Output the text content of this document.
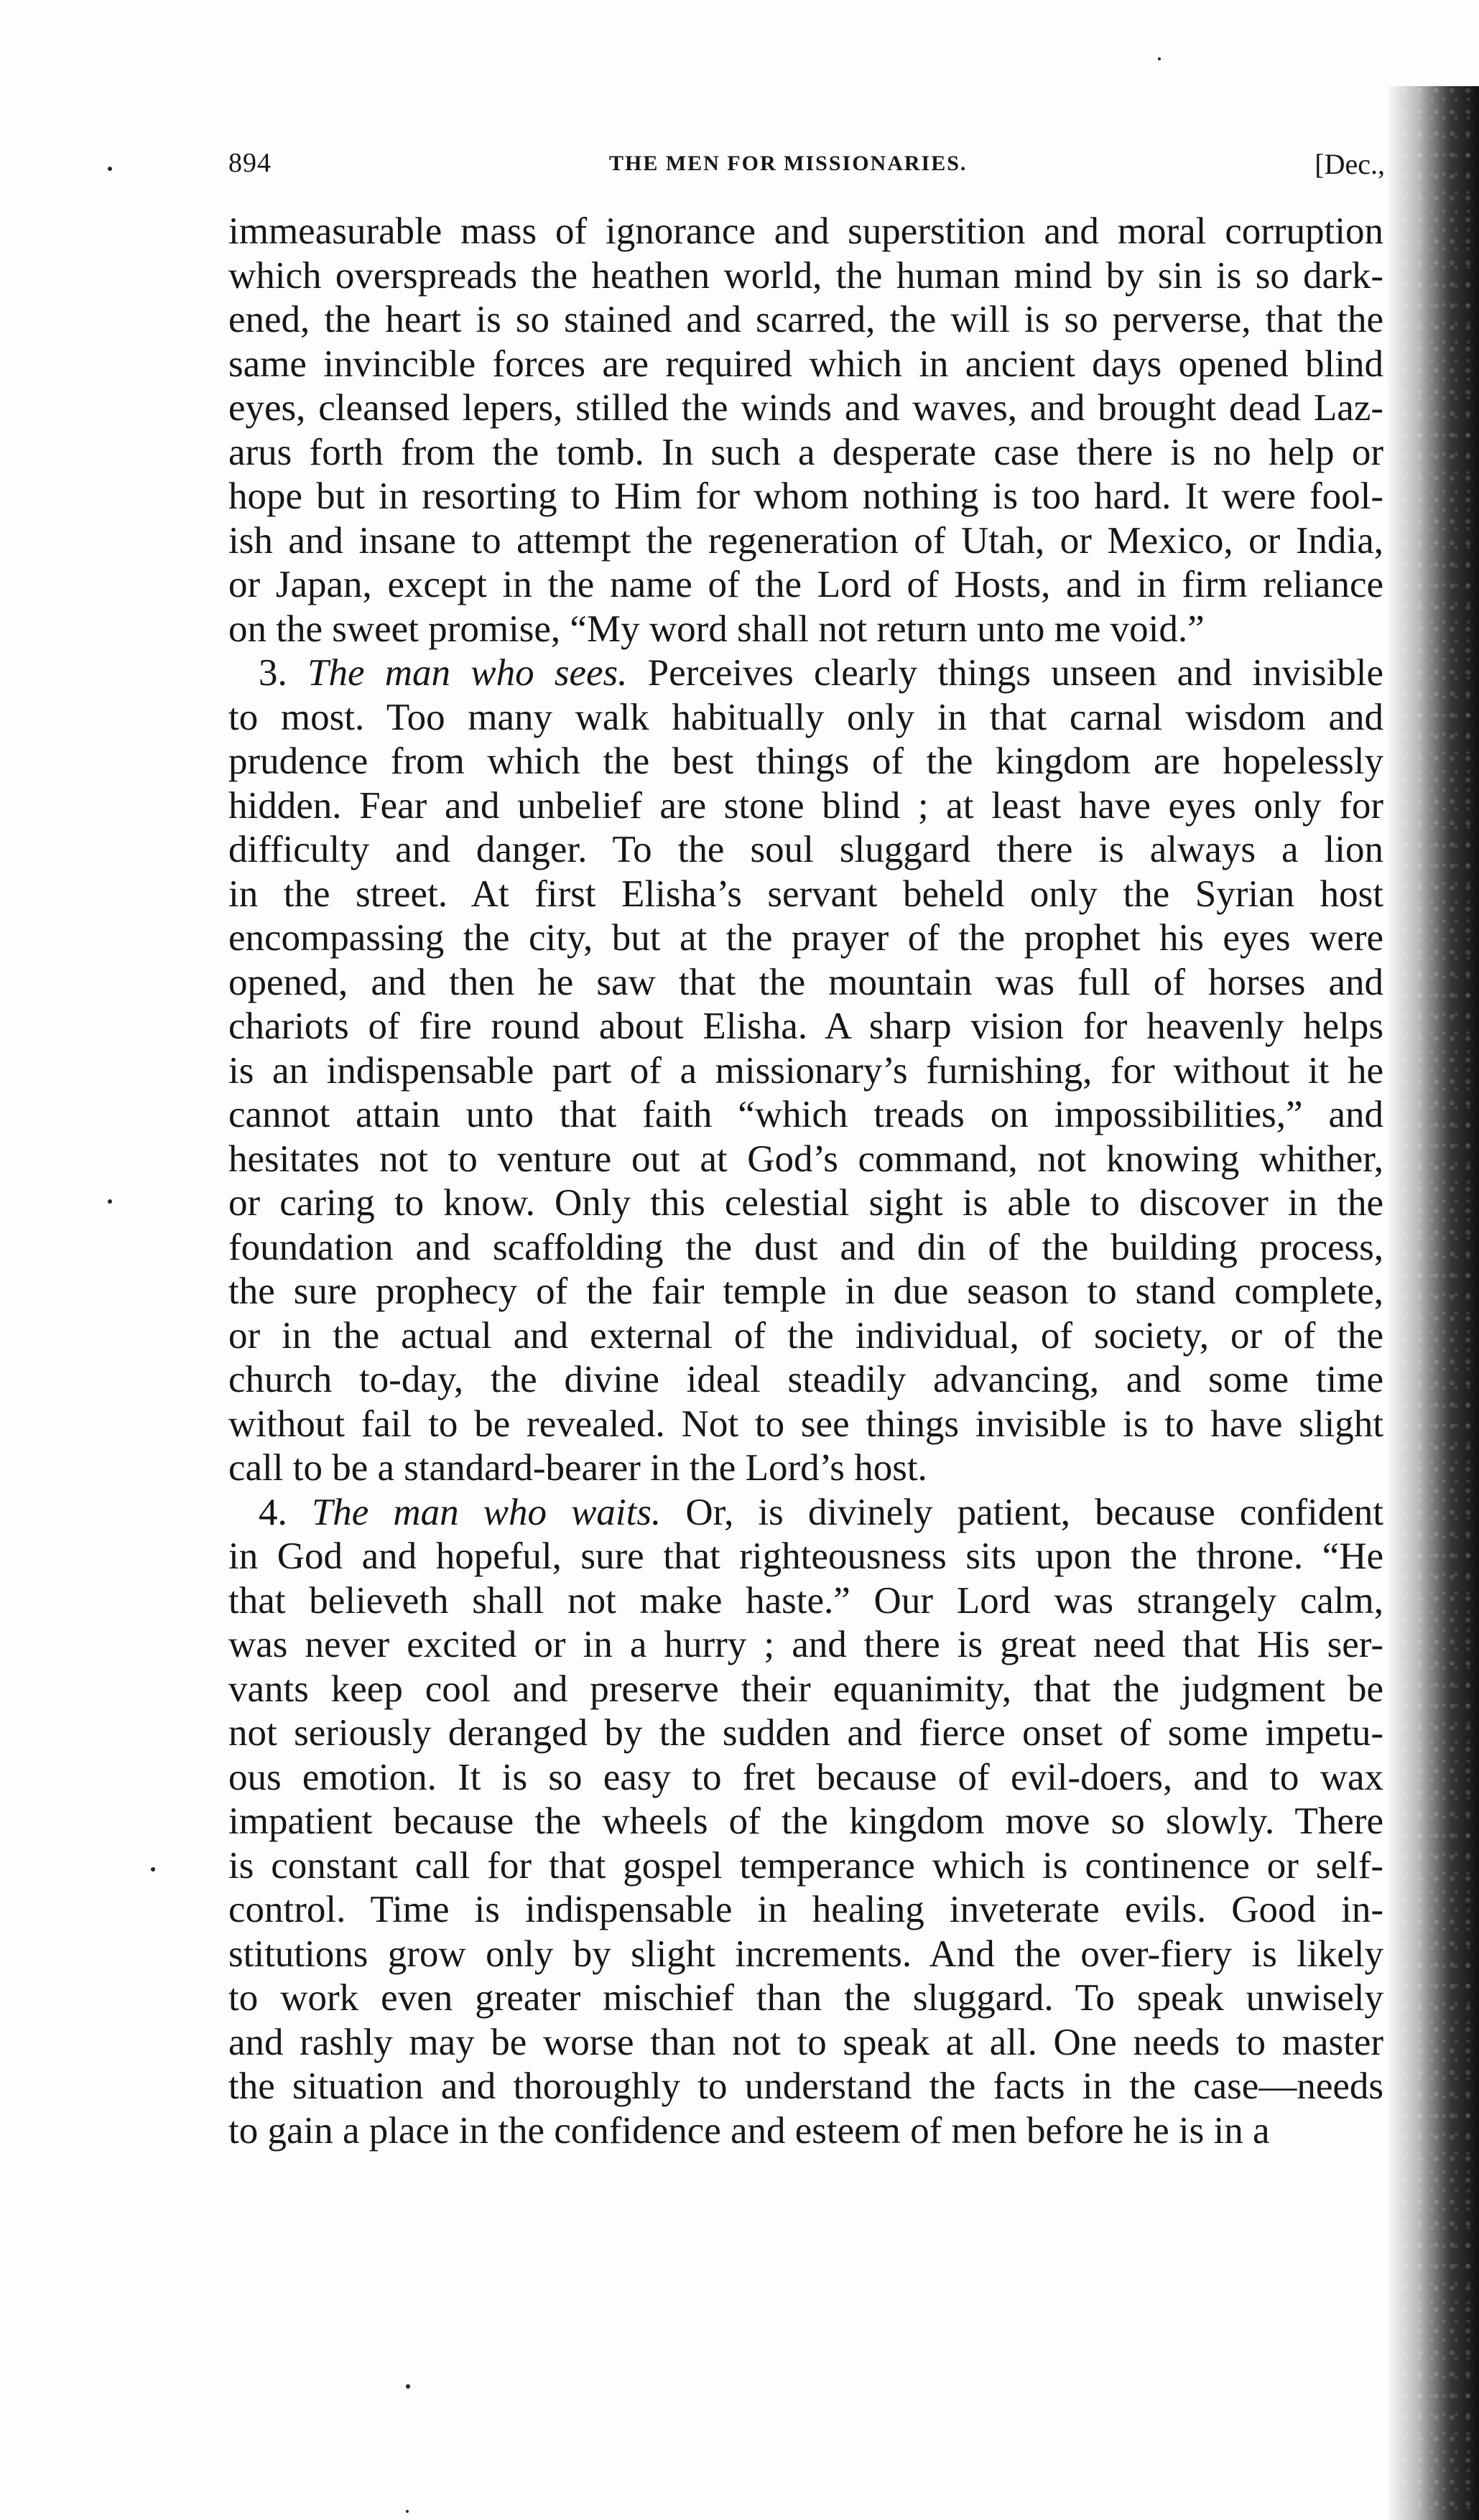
894	THE MEN FOR MISSIONARIES.	[Dec.,
immeasurable mass of ignorance and superstition and moral corruption
which overspreads the heathen world, the human mind by sin is so dark-
ened, the heart is so stained and scarred, the will is so perverse, that the
same invincible forces are required which in ancient days opened blind
eyes, cleansed lepers, stilled the winds and waves, and brought dead Laz-
arus forth from the tomb. In such a desperate case there is no help or
hope but in resorting to Him for whom nothing is too hard. It were fool-
ish and insane to attempt the regeneration of Utah, or Mexico, or India,
or Japan, except in the name of the Lord of Hosts, and in firm reliance
on the sweet promise, “My word shall not return unto me void.”
3. The man who sees. Perceives clearly things unseen and invisible
to most. Too many walk habitually only in that carnal wisdom and
prudence from which the best things of the kingdom are hopelessly
hidden. Fear and unbelief are stone blind ; at least have eyes only for
difficulty and danger. To the soul sluggard there is always a lion
in the street. At first Elisha’s servant beheld only the Syrian host
encompassing the city, but at the prayer of the prophet his eyes were
opened, and then he saw that the mountain was full of horses and
chariots of fire round about Elisha. A sharp vision for heavenly helps
is an indispensable part of a missionary’s furnishing, for without it he
cannot attain unto that faith “which treads on impossibilities,” and
hesitates not to venture out at God’s command, not knowing whither,
or caring to know. Only this celestial sight is able to discover in the
foundation and scaffolding the dust and din of the building process,
the sure prophecy of the fair temple in due season to stand complete,
or in the actual and external of the individual, of society, or of the
church to-day, the divine ideal steadily advancing, and some time
without fail to be revealed. Not to see things invisible is to have slight
call to be a standard-bearer in the Lord’s host.
4. The man who waits. Or, is divinely patient, because confident
in God and hopeful, sure that righteousness sits upon the throne. “He
that believeth shall not make haste.” Our Lord was strangely calm,
was never excited or in a hurry ; and there is great need that His ser-
vants keep cool and preserve their equanimity, that the judgment be
not seriously deranged by the sudden and fierce onset of some impetu-
ous emotion. It is so easy to fret because of evil-doers, and to wax
impatient because the wheels of the kingdom move so slowly. There
is constant call for that gospel temperance which is continence or self-
control. Time is indispensable in healing inveterate evils. Good in-
stitutions grow only by slight increments. And the over-fiery is likely
to work even greater mischief than the sluggard. To speak unwisely
and rashly may be worse than not to speak at all. One needs to master
the situation and thoroughly to understand the facts in the case—needs
to gain a place in the confidence and esteem of men before he is in a
